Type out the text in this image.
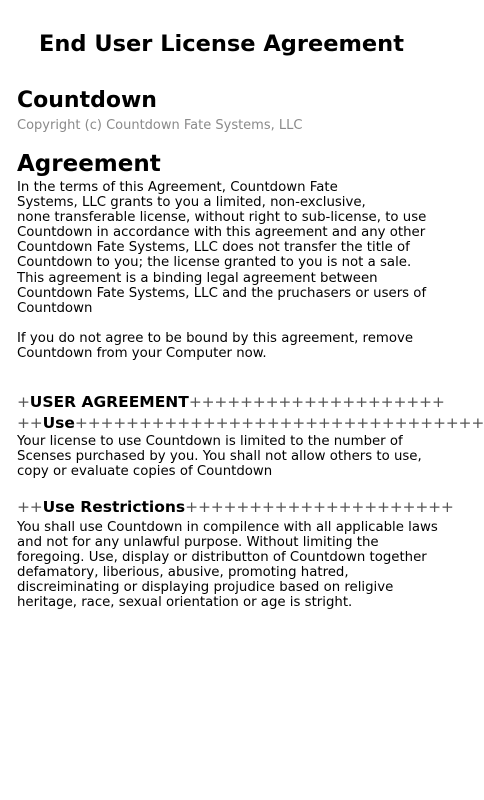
End User License Agreement
Countdown

Copyright (c) Countdown Fate Systems, LLC

Agreement

In the terms of this Agreement, Countdown Fate
Systems, LLC grants to you a limited, non-exclusive,
none transferable license, without right to sub-license, to use
Countdown in accordance with this agreement and any other
Countdown Fate Systems, LLC does not transfer the title of
Countdown to you; the license granted to you is not a sale.
This agreement is a binding legal agreement between
Countdown Fate Systems, LLC and the pruchasers or users of
Countdown

If you do not agree to be bound by this agreement, remove
Countdown from your Computer now.

+USER AGREEMENT++++++++++++++++++++
++Use++++++++++++++++++++++++++++++++

Your license to use Countdown is limited to the number of
Scenses purchased by you. You shall not allow others to use,
copy or evaluate copies of Countdown

++Use Restrictions+++++++++++++++++++++

You shall use Countdown in compilence with all applicable laws
and not for any unlawful purpose. Without limiting the
foregoing. Use, display or distributton of Countdown together
defamatory, liberious, abusive, promoting hatred,
discreiminating or displaying projudice based on religive
heritage, race, sexual orientation or age is stright.
